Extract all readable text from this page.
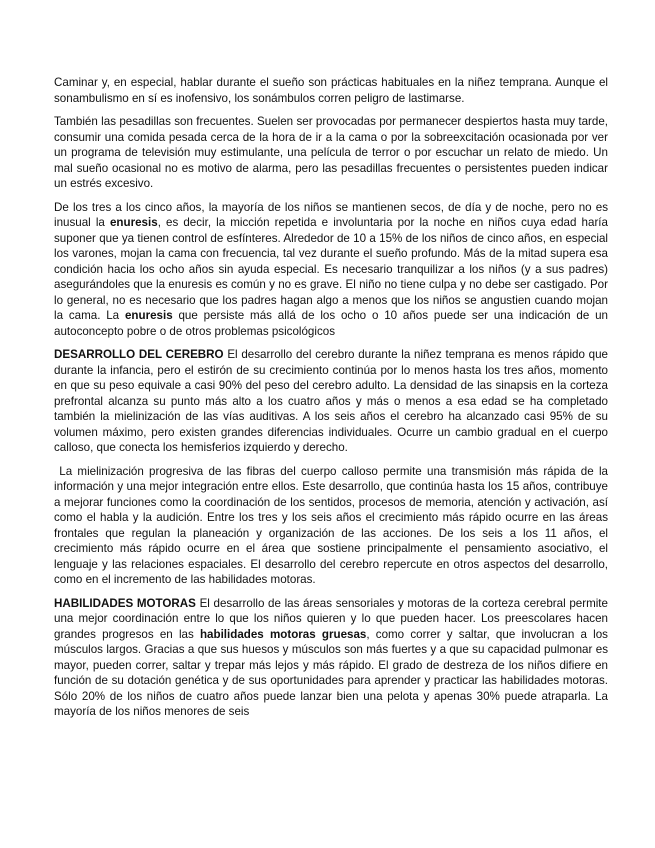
Caminar y, en especial, hablar durante el sueño son prácticas habituales en la niñez temprana. Aunque el sonambulismo en sí es inofensivo, los sonámbulos corren peligro de lastimarse.

También las pesadillas son frecuentes. Suelen ser provocadas por permanecer despiertos hasta muy tarde, consumir una comida pesada cerca de la hora de ir a la cama o por la sobreexcitación ocasionada por ver un programa de televisión muy estimulante, una película de terror o por escuchar un relato de miedo. Un mal sueño ocasional no es motivo de alarma, pero las pesadillas frecuentes o persistentes pueden indicar un estrés excesivo.

De los tres a los cinco años, la mayoría de los niños se mantienen secos, de día y de noche, pero no es inusual la enuresis, es decir, la micción repetida e involuntaria por la noche en niños cuya edad haría suponer que ya tienen control de esfínteres. Alrededor de 10 a 15% de los niños de cinco años, en especial los varones, mojan la cama con frecuencia, tal vez durante el sueño profundo. Más de la mitad supera esa condición hacia los ocho años sin ayuda especial. Es necesario tranquilizar a los niños (y a sus padres) asegurándoles que la enuresis es común y no es grave. El niño no tiene culpa y no debe ser castigado. Por lo general, no es necesario que los padres hagan algo a menos que los niños se angustien cuando mojan la cama. La enuresis que persiste más allá de los ocho o 10 años puede ser una indicación de un autoconcepto pobre o de otros problemas psicológicos

DESARROLLO DEL CEREBRO El desarrollo del cerebro durante la niñez temprana es menos rápido que durante la infancia, pero el estirón de su crecimiento continúa por lo menos hasta los tres años, momento en que su peso equivale a casi 90% del peso del cerebro adulto. La densidad de las sinapsis en la corteza prefrontal alcanza su punto más alto a los cuatro años y más o menos a esa edad se ha completado también la mielinización de las vías auditivas. A los seis años el cerebro ha alcanzado casi 95% de su volumen máximo, pero existen grandes diferencias individuales. Ocurre un cambio gradual en el cuerpo calloso, que conecta los hemisferios izquierdo y derecho.

La mielinización progresiva de las fibras del cuerpo calloso permite una transmisión más rápida de la información y una mejor integración entre ellos. Este desarrollo, que continúa hasta los 15 años, contribuye a mejorar funciones como la coordinación de los sentidos, procesos de memoria, atención y activación, así como el habla y la audición. Entre los tres y los seis años el crecimiento más rápido ocurre en las áreas frontales que regulan la planeación y organización de las acciones. De los seis a los 11 años, el crecimiento más rápido ocurre en el área que sostiene principalmente el pensamiento asociativo, el lenguaje y las relaciones espaciales. El desarrollo del cerebro repercute en otros aspectos del desarrollo, como en el incremento de las habilidades motoras.

HABILIDADES MOTORAS El desarrollo de las áreas sensoriales y motoras de la corteza cerebral permite una mejor coordinación entre lo que los niños quieren y lo que pueden hacer. Los preescolares hacen grandes progresos en las habilidades motoras gruesas, como correr y saltar, que involucran a los músculos largos. Gracias a que sus huesos y músculos son más fuertes y a que su capacidad pulmonar es mayor, pueden correr, saltar y trepar más lejos y más rápido. El grado de destreza de los niños difiere en función de su dotación genética y de sus oportunidades para aprender y practicar las habilidades motoras. Sólo 20% de los niños de cuatro años puede lanzar bien una pelota y apenas 30% puede atraparla. La mayoría de los niños menores de seis
